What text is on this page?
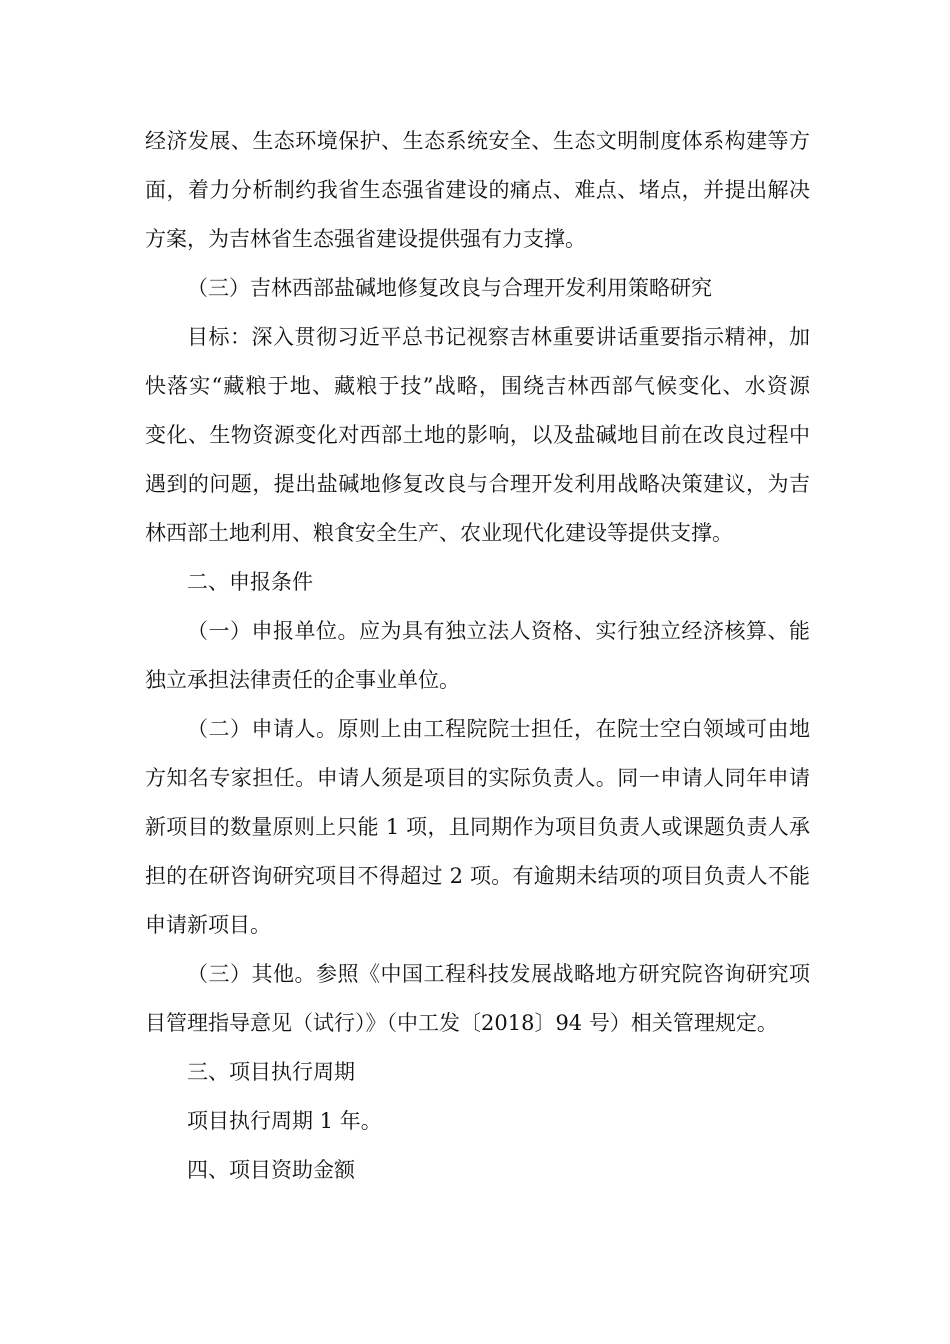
经济发展、生态环境保护、生态系统安全、生态文明制度体系构建等方
面，着力分析制约我省生态强省建设的痛点、难点、堵点，并提出解决
方案，为吉林省生态强省建设提供强有力支撑。
（三）吉林西部盐碱地修复改良与合理开发利用策略研究
目标：深入贯彻习近平总书记视察吉林重要讲话重要指示精神，加
快落实“藏粮于地、藏粮于技”战略，围绕吉林西部气候变化、水资源
变化、生物资源变化对西部土地的影响，以及盐碱地目前在改良过程中
遇到的问题，提出盐碱地修复改良与合理开发利用战略决策建议，为吉
林西部土地利用、粮食安全生产、农业现代化建设等提供支撑。
二、申报条件
（一）申报单位。应为具有独立法人资格、实行独立经济核算、能
独立承担法律责任的企事业单位。
（二）申请人。原则上由工程院院士担任，在院士空白领域可由地
方知名专家担任。申请人须是项目的实际负责人。同一申请人同年申请
新项目的数量原则上只能 1 项，且同期作为项目负责人或课题负责人承
担的在研咨询研究项目不得超过 2 项。有逾期未结项的项目负责人不能
申请新项目。
（三）其他。参照《中国工程科技发展战略地方研究院咨询研究项
目管理指导意见（试行）》（中工发〔2018〕94 号）相关管理规定。
三、项目执行周期
项目执行周期 1 年。
四、项目资助金额
